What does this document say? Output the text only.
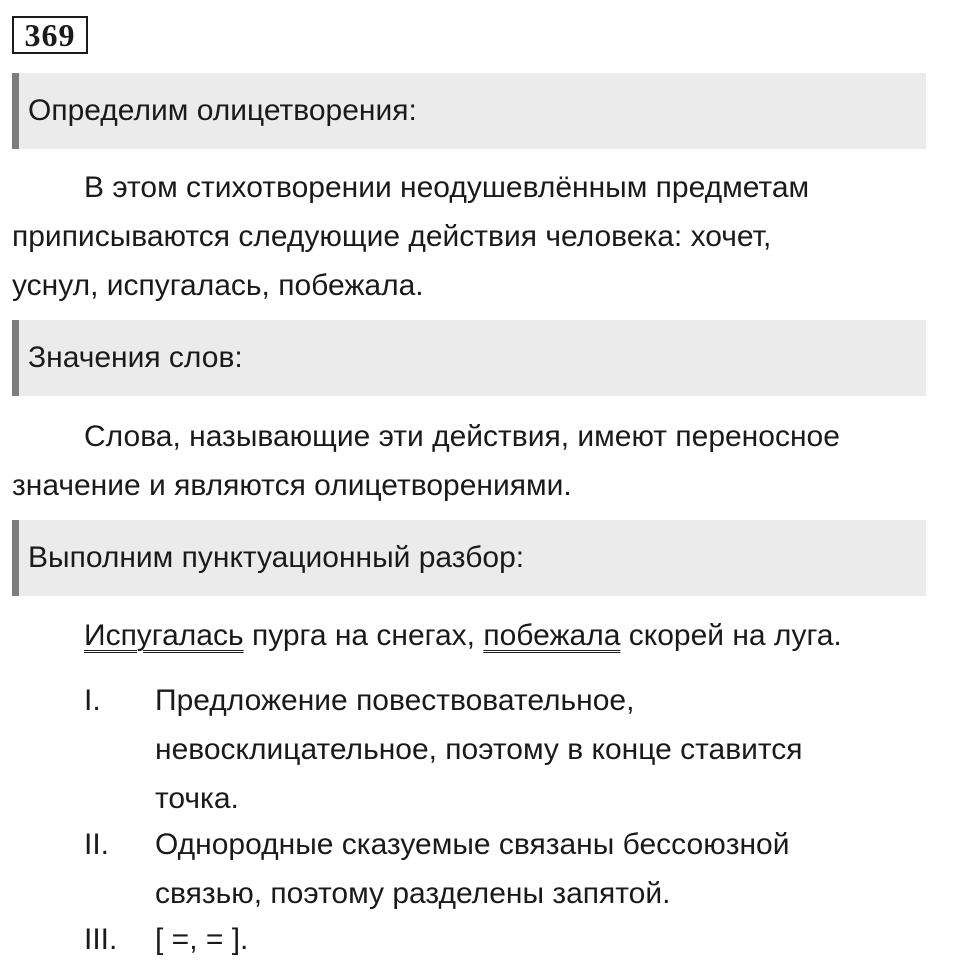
369
Определим олицетворения:

В этом стихотворении неодушевлённым предметам
приписываются следующие действия человека: хочет,
уснул, испугалась, побежала.

Значения слов:

Слова, называющие эти действия, имеют переносное
значение и являются олицетворениями.

Выполним пунктуационный разбор:
Испугалась пурга на снегах, побежала скорей на луга.
I. Предложение повествовательное,
невосклицательное, поэтому в конце ставится
точка.
II. Однородные сказуемые связаны бессоюзной
связью, поэтому разделены запятой.
III. [ =, = ].
